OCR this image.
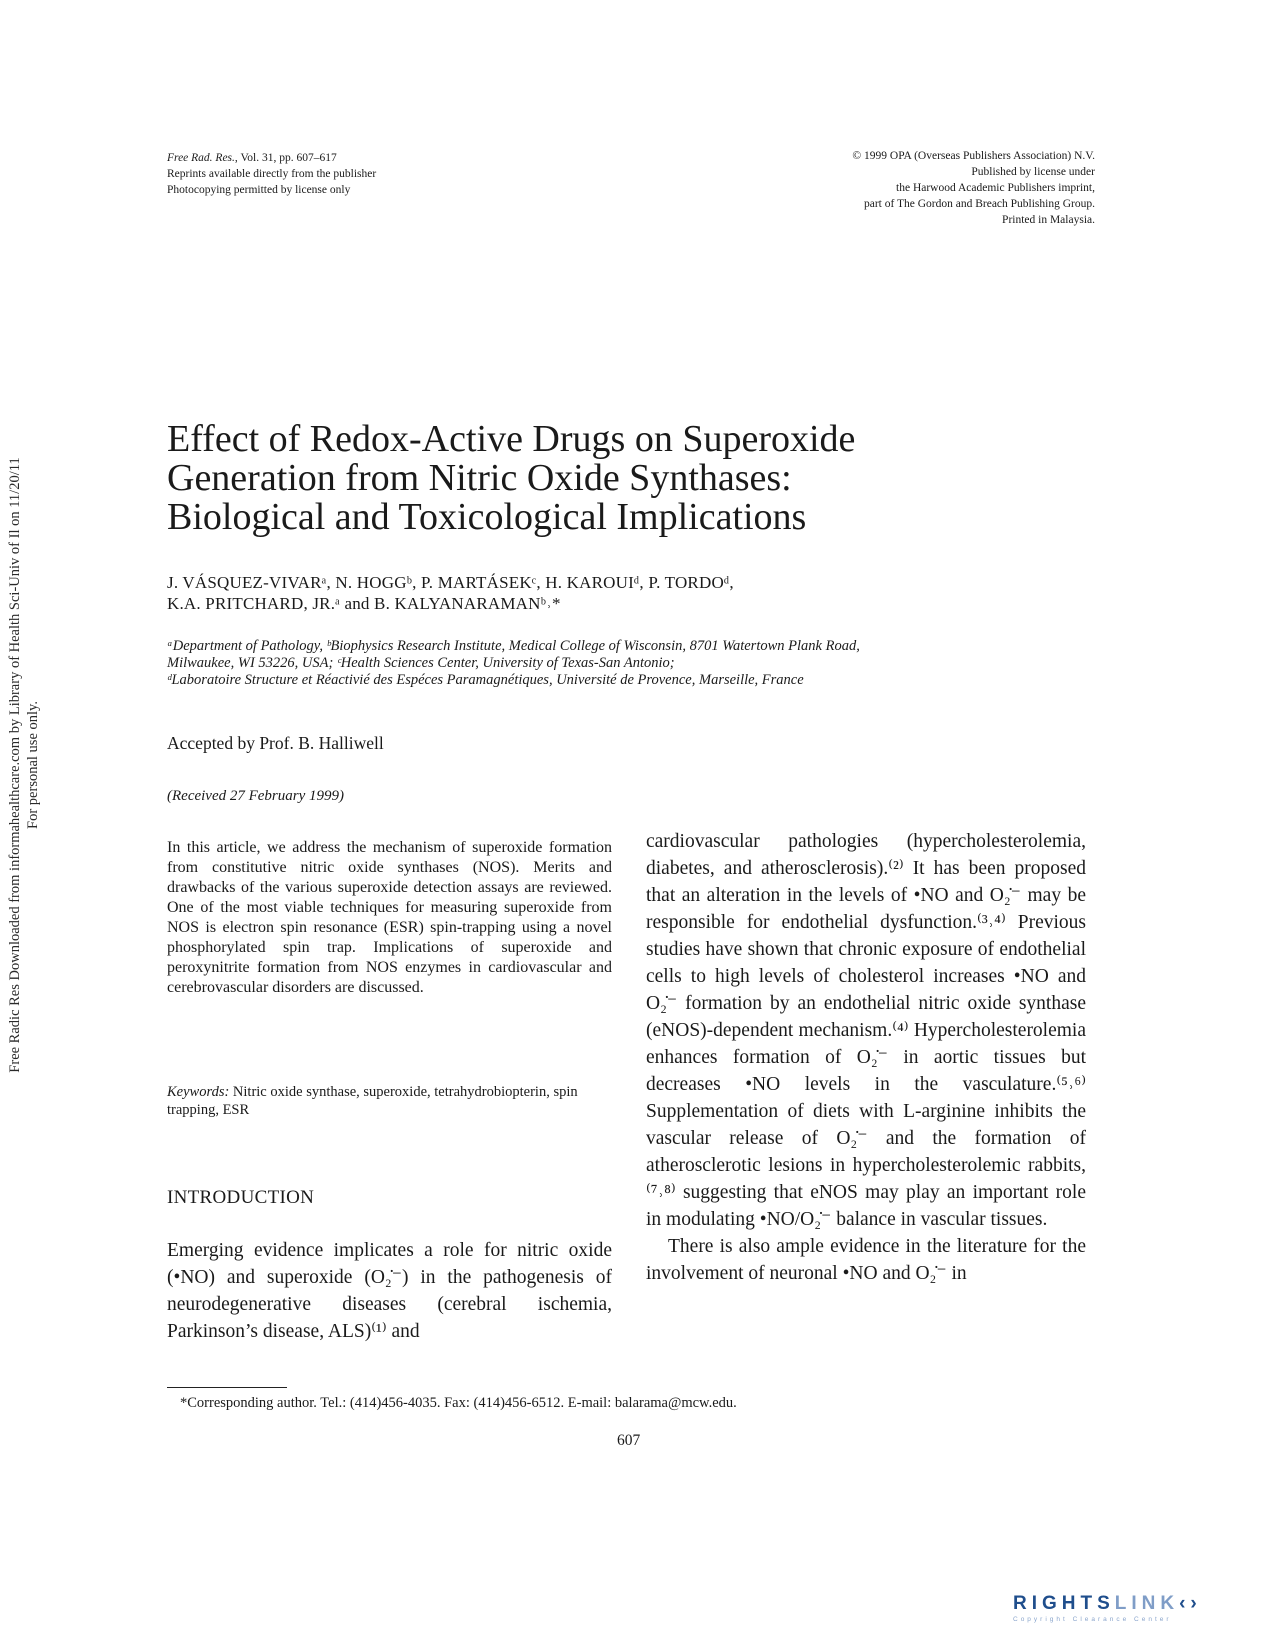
Free Rad. Res., Vol. 31, pp. 607–617
Reprints available directly from the publisher
Photocopying permitted by license only
© 1999 OPA (Overseas Publishers Association) N.V.
Published by license under
the Harwood Academic Publishers imprint,
part of The Gordon and Breach Publishing Group.
Printed in Malaysia.
Free Radic Res Downloaded from informahealthcare.com by Library of Health Sci-Univ of Il on 11/20/11 For personal use only.
Effect of Redox-Active Drugs on Superoxide
Generation from Nitric Oxide Synthases:
Biological and Toxicological Implications
J. VÁSQUEZ-VIVARᵃ, N. HOGGᵇ, P. MARTÁSEKᶜ, H. KAROUIᵈ, P. TORDOᵈ,
K.A. PRITCHARD, JR.ᵃ and B. KALYANARAMANᵇ˒*
ᵃDepartment of Pathology, ᵇBiophysics Research Institute, Medical College of Wisconsin, 8701 Watertown Plank Road,
Milwaukee, WI 53226, USA; ᶜHealth Sciences Center, University of Texas-San Antonio;
ᵈLaboratoire Structure et Réactivié des Espéces Paramagnétiques, Université de Provence, Marseille, France
Accepted by Prof. B. Halliwell
(Received 27 February 1999)
In this article, we address the mechanism of superoxide formation from constitutive nitric oxide synthases (NOS). Merits and drawbacks of the various superoxide detection assays are reviewed. One of the most viable techniques for measuring superoxide from NOS is electron spin resonance (ESR) spin-trapping using a novel phosphorylated spin trap. Implications of superoxide and peroxynitrite formation from NOS enzymes in cardiovascular and cerebrovascular disorders are discussed.
Keywords: Nitric oxide synthase, superoxide, tetrahydrobiopterin, spin trapping, ESR
INTRODUCTION
Emerging evidence implicates a role for nitric oxide (•NO) and superoxide (O₂̇⁻) in the pathogenesis of neurodegenerative diseases (cerebral ischemia, Parkinson’s disease, ALS)⁽¹⁾ and

cardiovascular pathologies (hypercholesterolemia, diabetes, and atherosclerosis).⁽²⁾ It has been proposed that an alteration in the levels of •NO and O₂̇⁻ may be responsible for endothelial dysfunction.⁽³˒⁴⁾ Previous studies have shown that chronic exposure of endothelial cells to high levels of cholesterol increases •NO and O₂̇⁻ formation by an endothelial nitric oxide synthase (eNOS)-dependent mechanism.⁽⁴⁾ Hypercholesterolemia enhances formation of O₂̇⁻ in aortic tissues but decreases •NO levels in the vasculature.⁽⁵˒⁶⁾ Supplementation of diets with L-arginine inhibits the vascular release of O₂̇⁻ and the formation of atherosclerotic lesions in hypercholesterolemic rabbits,⁽⁷˒⁸⁾ suggesting that eNOS may play an important role in modulating •NO/O₂̇⁻ balance in vascular tissues.

There is also ample evidence in the literature for the involvement of neuronal •NO and O₂̇⁻ in

*Corresponding author. Tel.: (414)456-4035. Fax: (414)456-6512. E-mail: balarama@mcw.edu.
607
RIGHTSLINK‹›
Copyright Clearance Center
